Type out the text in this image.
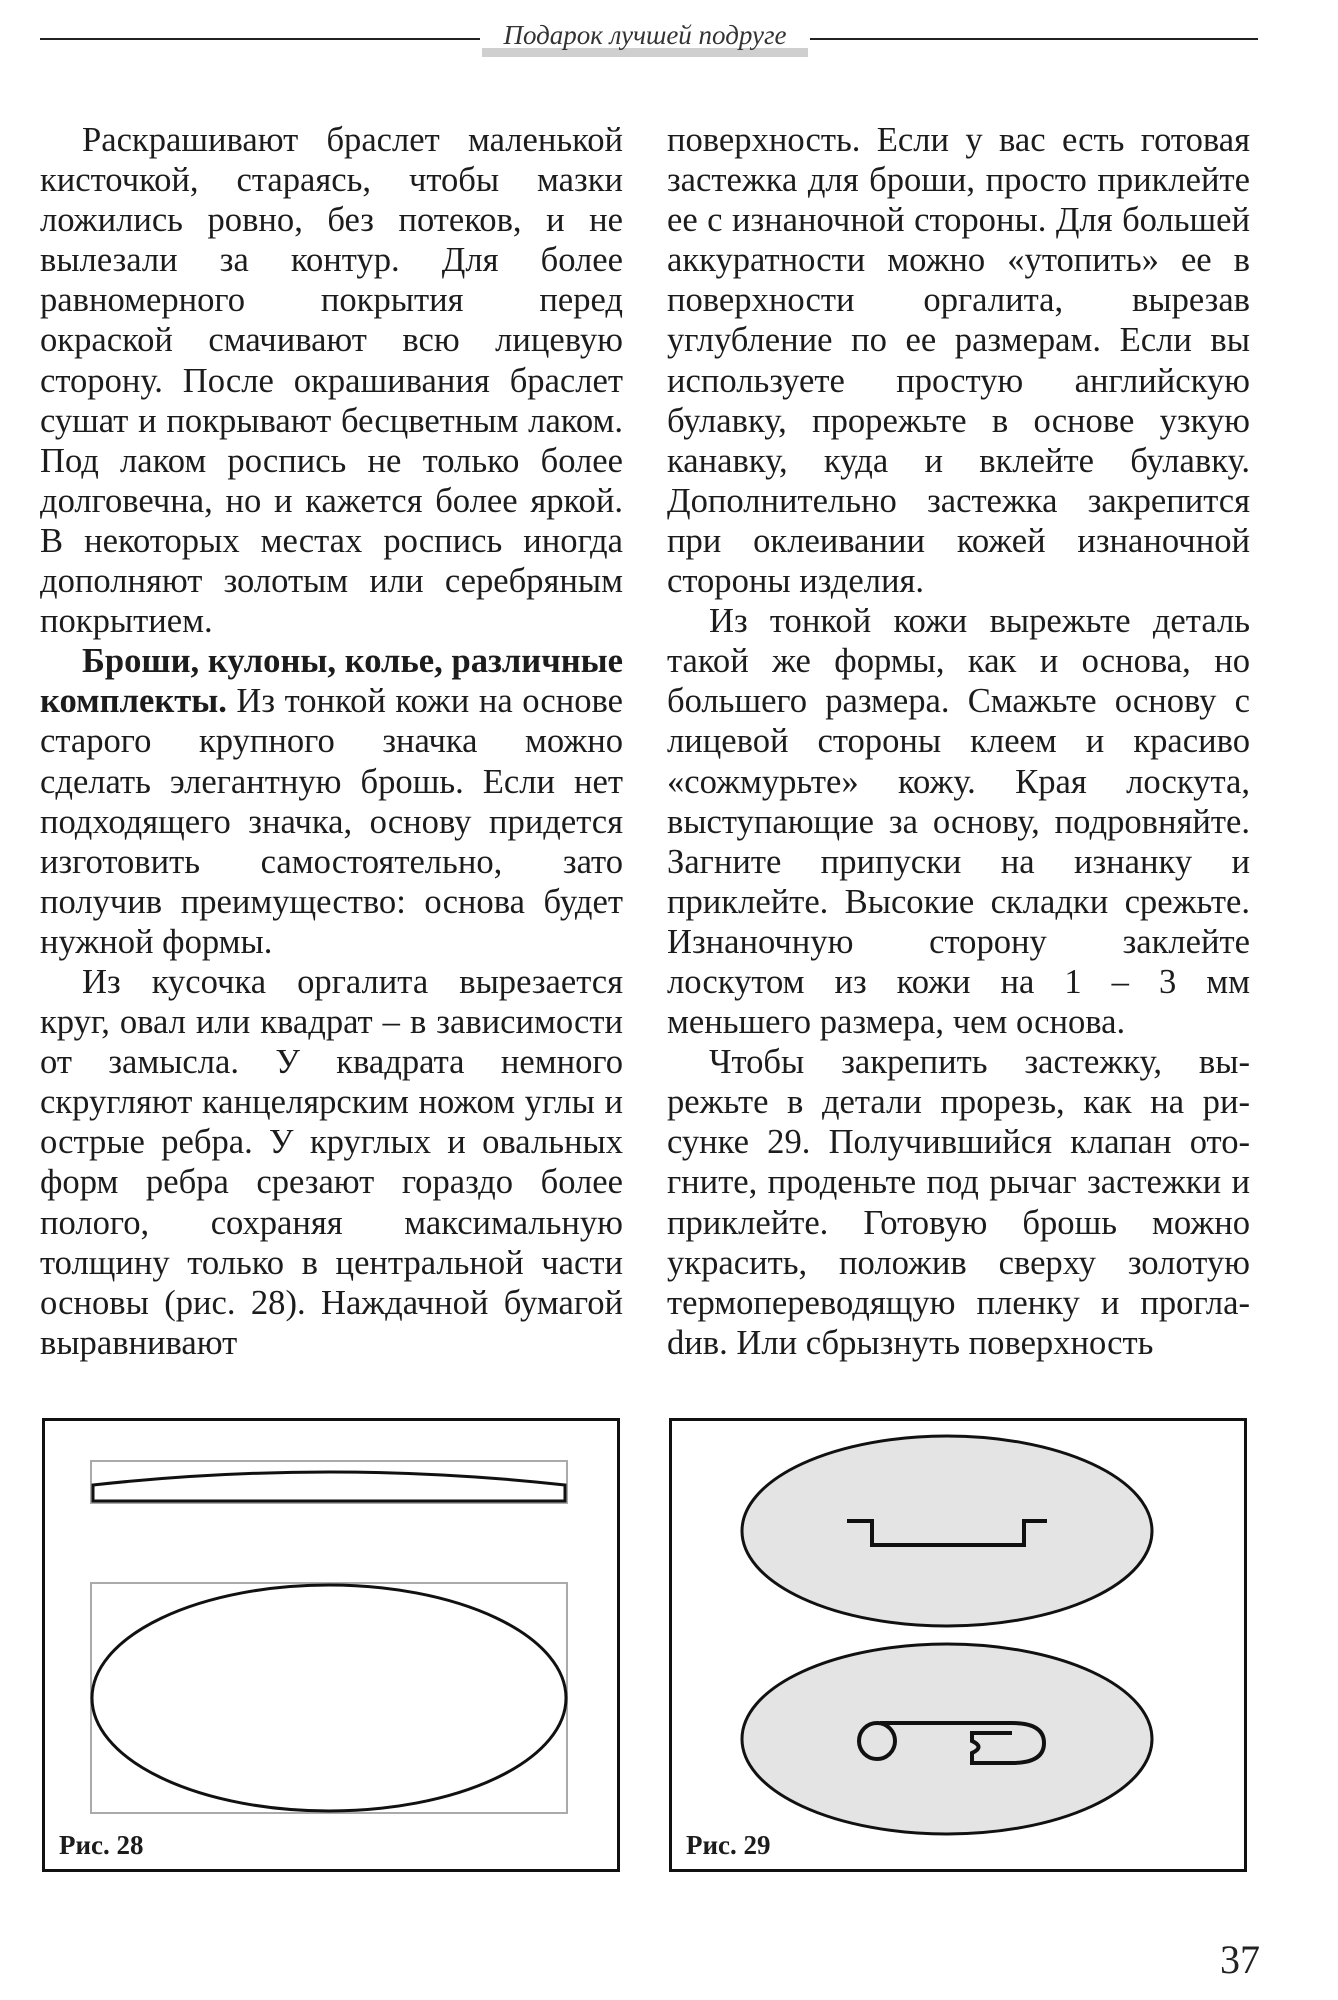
Подарок лучшей подруге

Раскрашивают браслет маленькой кисточкой, стараясь, чтобы мазки ложились ровно, без потеков, и не вылезали за контур. Для более равномерного покрытия перед окраской смачивают всю лицевую сторону. После окрашивания браслет сушат и покрывают бесцветным лаком. Под лаком роспись не только более долговечна, но и кажется более яркой. В некоторых местах роспись иногда дополняют золотым или серебряным покрытием.

Броши, кулоны, колье, различные комплекты. Из тонкой кожи на основе старого крупного значка можно сделать элегантную брошь. Если нет подходящего значка, основу придется изготовить самостоятельно, зато получив преимущество: основа будет нужной формы.

Из кусочка оргалита вырезается круг, овал или квадрат – в зависимости от замысла. У квадрата немного скругляют канцелярским ножом углы и острые ребра. У круглых и овальных форм ребра срезают гораздо более полого, сохраняя максимальную толщину только в центральной части основы (рис. 28). Наждачной бумагой выравнивают

поверхность. Если у вас есть готовая застежка для броши, просто приклейте ее с изнаночной стороны. Для большей аккуратности можно «утопить» ее в поверхности оргалита, вырезав углубление по ее размерам. Если вы используете простую английскую булавку, прорежьте в основе узкую канавку, куда и вклейте булавку. Дополнительно застежка закрепится при оклеивании кожей изнаночной стороны изделия.

Из тонкой кожи вырежьте деталь такой же формы, как и основа, но большего размера. Смажьте основу с лицевой стороны клеем и красиво «сожмурьте» кожу. Края лоскута, выступающие за основу, подровняйте. Загните припуски на изнанку и приклейте. Высокие складки срежьте. Изнаночную сторону заклейте лоскутом из кожи на 1 – 3 мм меньшего размера, чем основа.

Чтобы закрепить застежку, вырежьте в детали прорезь, как на рисунке 29. Получившийся клапан отогните, проденьте под рычаг застежки и приклейте. Готовую брошь можно украсить, положив сверху золотую термопереводящую пленку и проглаdив. Или сбрызнуть поверхность

Рис. 28	Рис. 29
37
